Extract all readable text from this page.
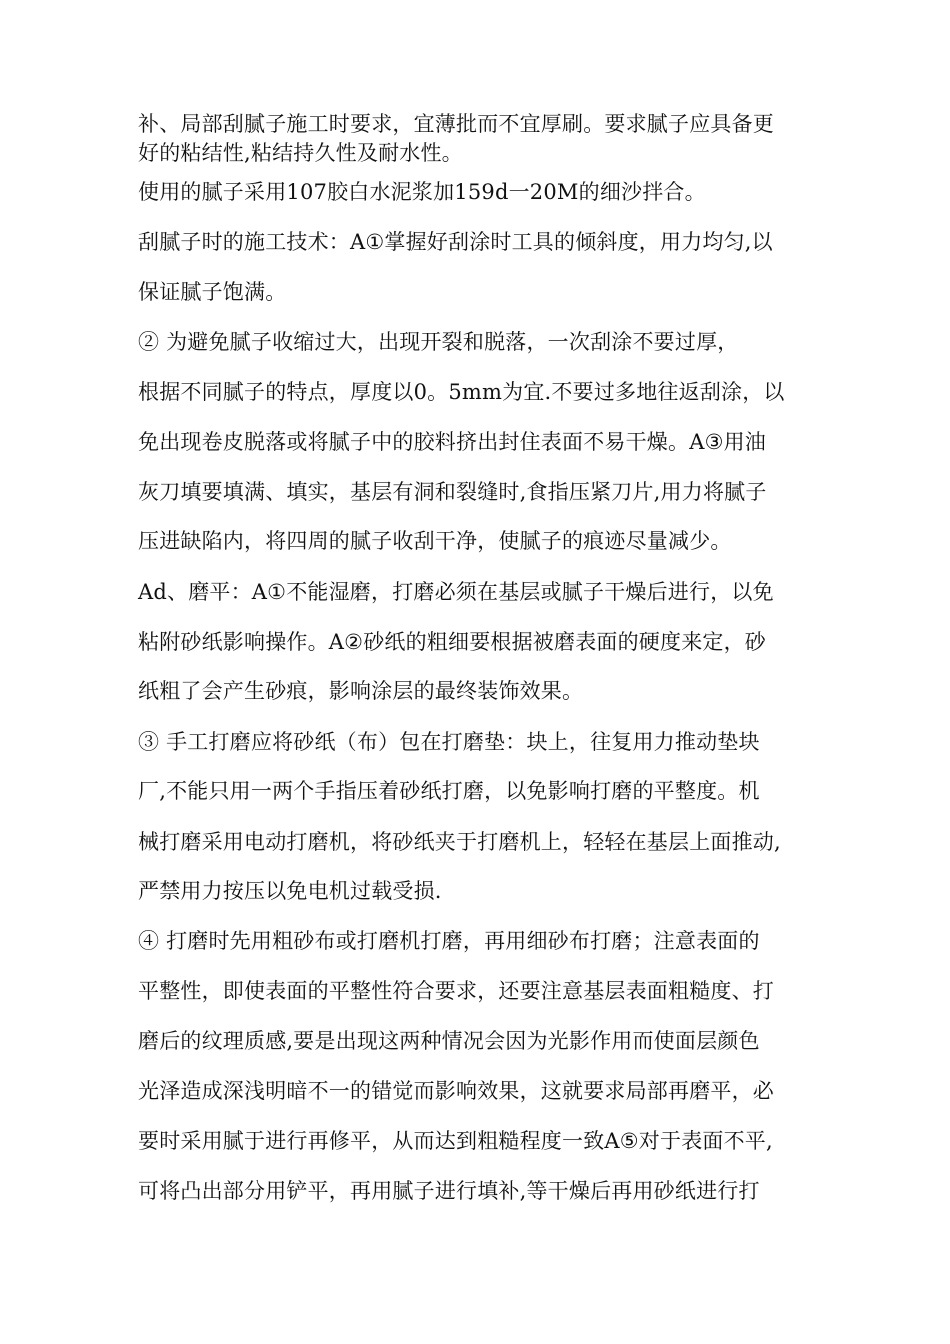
补、局部刮腻子施工时要求，宜薄批而不宜厚刷。要求腻子应具备更
好的粘结性,粘结持久性及耐水性。
使用的腻子采用107胶白水泥浆加159d一20M的细沙拌合。
刮腻子时的施工技术：A①掌握好刮涂时工具的倾斜度，用力均匀,以
保证腻子饱满。
② 为避免腻子收缩过大，出现开裂和脱落，一次刮涂不要过厚，
根据不同腻子的特点，厚度以0。5mm为宜.不要过多地往返刮涂，以
免出现卷皮脱落或将腻子中的胶料挤出封住表面不易干燥。A③用油
灰刀填要填满、填实，基层有洞和裂缝时,食指压紧刀片,用力将腻子
压进缺陷内，将四周的腻子收刮干净，使腻子的痕迹尽量减少。
Ad、磨平：A①不能湿磨，打磨必须在基层或腻子干燥后进行，以免
粘附砂纸影响操作。A②砂纸的粗细要根据被磨表面的硬度来定，砂
纸粗了会产生砂痕，影响涂层的最终装饰效果。
③ 手工打磨应将砂纸（布）包在打磨垫：块上，往复用力推动垫块
厂,不能只用一两个手指压着砂纸打磨，以免影响打磨的平整度。机
械打磨采用电动打磨机，将砂纸夹于打磨机上，轻轻在基层上面推动,
严禁用力按压以免电机过载受损.
④ 打磨时先用粗砂布或打磨机打磨，再用细砂布打磨；注意表面的
平整性，即使表面的平整性符合要求，还要注意基层表面粗糙度、打
磨后的纹理质感,要是出现这两种情况会因为光影作用而使面层颜色
光泽造成深浅明暗不一的错觉而影响效果，这就要求局部再磨平，必
要时采用腻于进行再修平，从而达到粗糙程度一致A⑤对于表面不平,
可将凸出部分用铲平，再用腻子进行填补,等干燥后再用砂纸进行打
